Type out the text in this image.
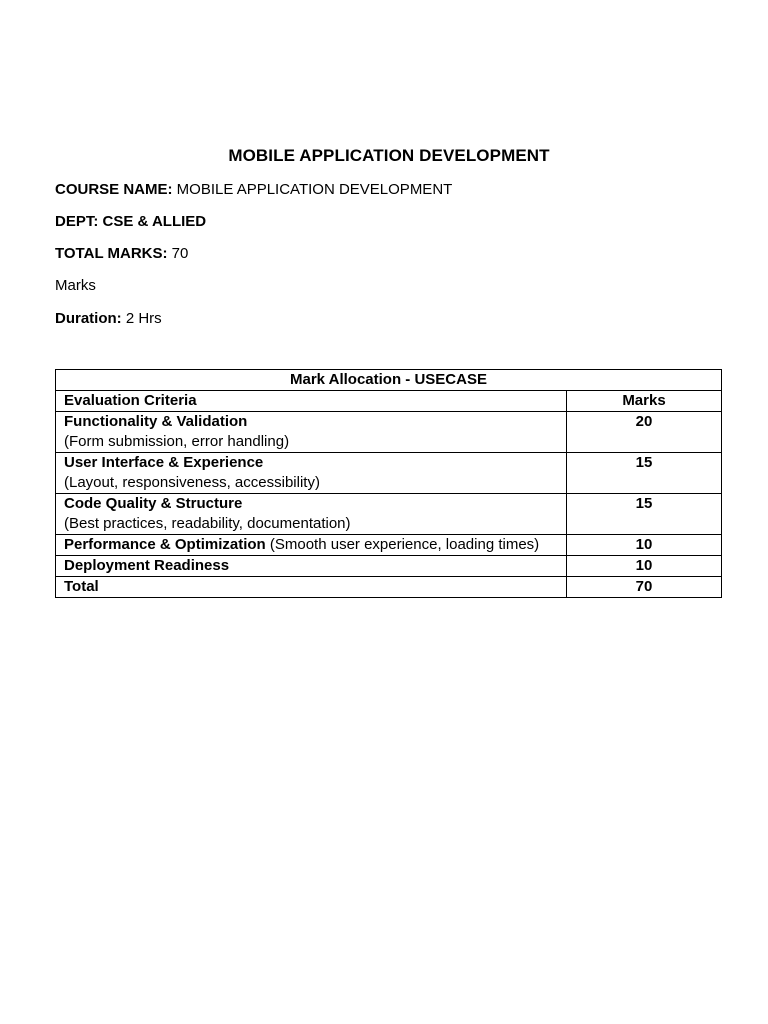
MOBILE APPLICATION DEVELOPMENT
COURSE NAME: MOBILE APPLICATION DEVELOPMENT
DEPT: CSE & ALLIED
TOTAL MARKS: 70
Marks
Duration: 2 Hrs
Mark Allocation - USECASE	
Evaluation Criteria	Marks
Functionality & Validation
(Form submission, error handling)	20
User Interface & Experience
(Layout, responsiveness, accessibility)	15
Code Quality & Structure
(Best practices, readability, documentation)	15
Performance & Optimization (Smooth user experience, loading times)	10
Deployment Readiness	10
Total	70
